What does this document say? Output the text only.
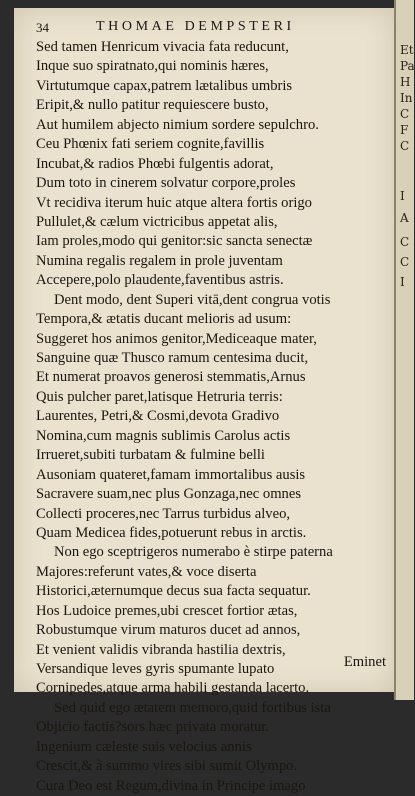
34	THOMAE DEMPSTERI
Sed tamen Henricum vivacia fata reducunt,
Inque suo spiratnato,qui nominis hæres,
Virtutumque capax,patrem lætalibus umbris
Eripit,& nullo patitur requiescere busto,
Aut humilem abjecto nimium sordere sepulchro.
Ceu Phœnix fati seriem cognite,favillis
Incubat,& radios Phœbi fulgentis adorat,
Dum toto in cinerem solvatur corpore,proles
Vt recidiva iterum huic atque altera fortis origo
Pullulet,& cælum victricibus appetat alis,
Iam proles,modo qui genitor:sic sancta senectæ
Numina regalis regalem in prole juventam
Accepere,polo plaudente,faventibus astris.
Dent modo, dent Superi vitā,dent congrua votis
Tempora,& ætatis ducant melioris ad usum:
Suggeret hos animos genitor,Mediceaque mater,
Sanguine quæ Thusco ramum centesima ducit,
Et numerat proavos generosi stemmatis,Arnus
Quis pulcher paret,latisque Hetruria terris:
Laurentes, Petri,& Cosmi,devota Gradivo
Nomina,cum magnis sublimis Carolus actis
Irrueret,subiti turbatam & fulmine belli
Ausoniam quateret,famam immortalibus ausis
Sacravere suam,nec plus Gonzaga,nec omnes
Collecti proceres,nec Tarrus turbidus alveo,
Quam Medicea fides,potuerunt rebus in arctis.
Non ego sceptrigeros numerabo è stirpe paterna
Majores:referunt vates,& voce diserta
Historici,æternumque decus sua facta sequatur.
Hos Ludoice premes,ubi crescet fortior ætas,
Robustumque virum maturos ducet ad annos,
Et venient validis vibranda hastilia dextris,
Versandique leves gyris spumante lupato
Cornipedes,atque arma habili gestanda lacerto.
Sed quid ego ætatem memoro,quid fortibus ista
Objicio factis?sors hæc privata moratur.
Ingenium cæleste suis velocius annis
Crescit,& à summo vires sibi sumit Olympo.
Cura Deo est Regum,divina in Principe imago
Eminet
Et
Pa
H
In
C
F
C
I
A
C
C
I
